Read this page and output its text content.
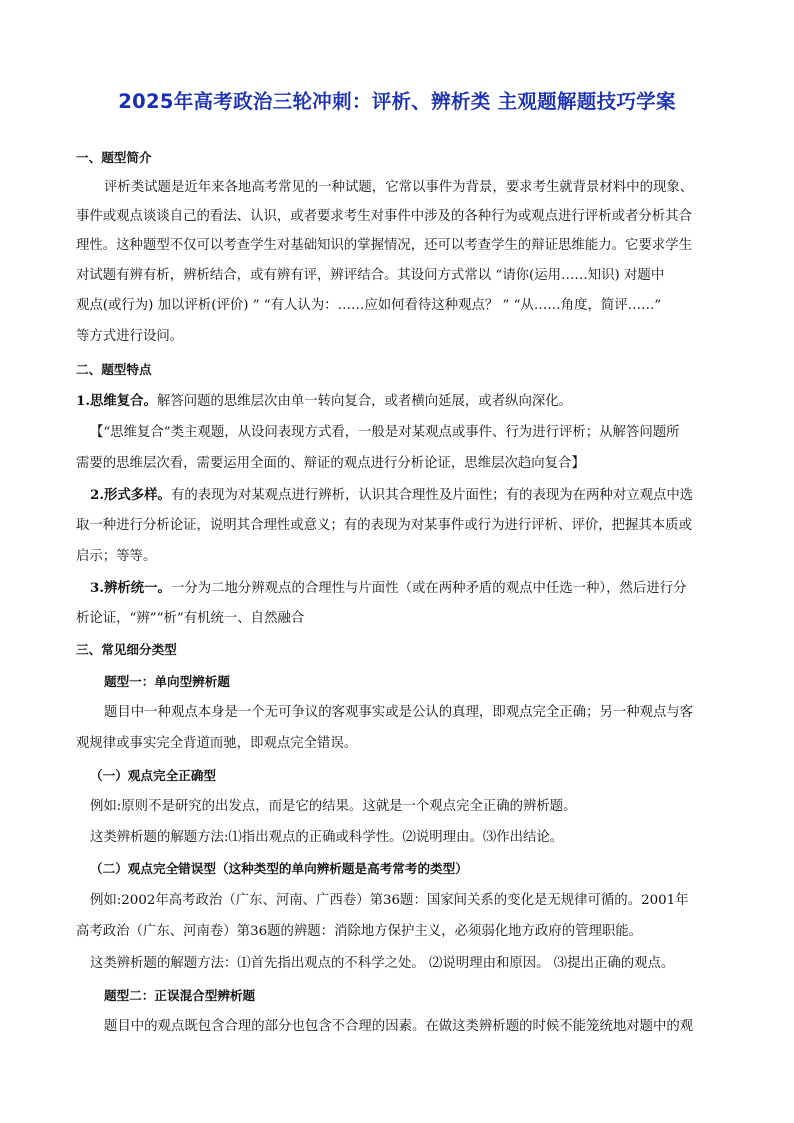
2025年高考政治三轮冲刺：评析、辨析类 主观题解题技巧学案
一、题型简介
评析类试题是近年来各地高考常见的一种试题，它常以事件为背景，要求考生就背景材料中的现象、
事件或观点谈谈自己的看法、认识，或者要求考生对事件中涉及的各种行为或观点进行评析或者分析其合
理性。这种题型不仅可以考查学生对基础知识的掌握情况，还可以考查学生的辩证思维能力。它要求学生
对试题有辨有析，辨析结合，或有辨有评，辨评结合。其设问方式常以 “请你(运用……知识) 对题中
观点(或行为) 加以评析(评价) ” “有人认为：……应如何看待这种观点？ ” “从……角度，简评……”
等方式进行设问。
二、题型特点
1.思维复合。解答问题的思维层次由单一转向复合，或者横向延展，或者纵向深化。
【“思维复合”类主观题，从设问表现方式看，一般是对某观点或事件、行为进行评析；从解答问题所
需要的思维层次看，需要运用全面的、辩证的观点进行分析论证，思维层次趋向复合】
2.形式多样。有的表现为对某观点进行辨析，认识其合理性及片面性；有的表现为在两种对立观点中选
取一种进行分析论证，说明其合理性或意义；有的表现为对某事件或行为进行评析、评价，把握其本质或
启示；等等。
3.辨析统一。一分为二地分辨观点的合理性与片面性（或在两种矛盾的观点中任选一种），然后进行分
析论证，“辨”“析”有机统一、自然融合
三、常见细分类型
题型一：单向型辨析题
题目中一种观点本身是一个无可争议的客观事实或是公认的真理，即观点完全正确；另一种观点与客
观规律或事实完全背道而驰，即观点完全错误。
（一）观点完全正确型
例如:原则不是研究的出发点，而是它的结果。这就是一个观点完全正确的辨析题。
这类辨析题的解题方法:⑴指出观点的正确或科学性。⑵说明理由。⑶作出结论。
（二）观点完全错误型（这种类型的单向辨析题是高考常考的类型）
例如:2002年高考政治（广东、河南、广西卷）第36题：国家间关系的变化是无规律可循的。2001年
高考政治（广东、河南卷）第36题的辨题：消除地方保护主义，必须弱化地方政府的管理职能。
这类辨析题的解题方法：⑴首先指出观点的不科学之处。 ⑵说明理由和原因。 ⑶提出正确的观点。
题型二：正误混合型辨析题
题目中的观点既包含合理的部分也包含不合理的因素。在做这类辨析题的时候不能笼统地对题中的观
